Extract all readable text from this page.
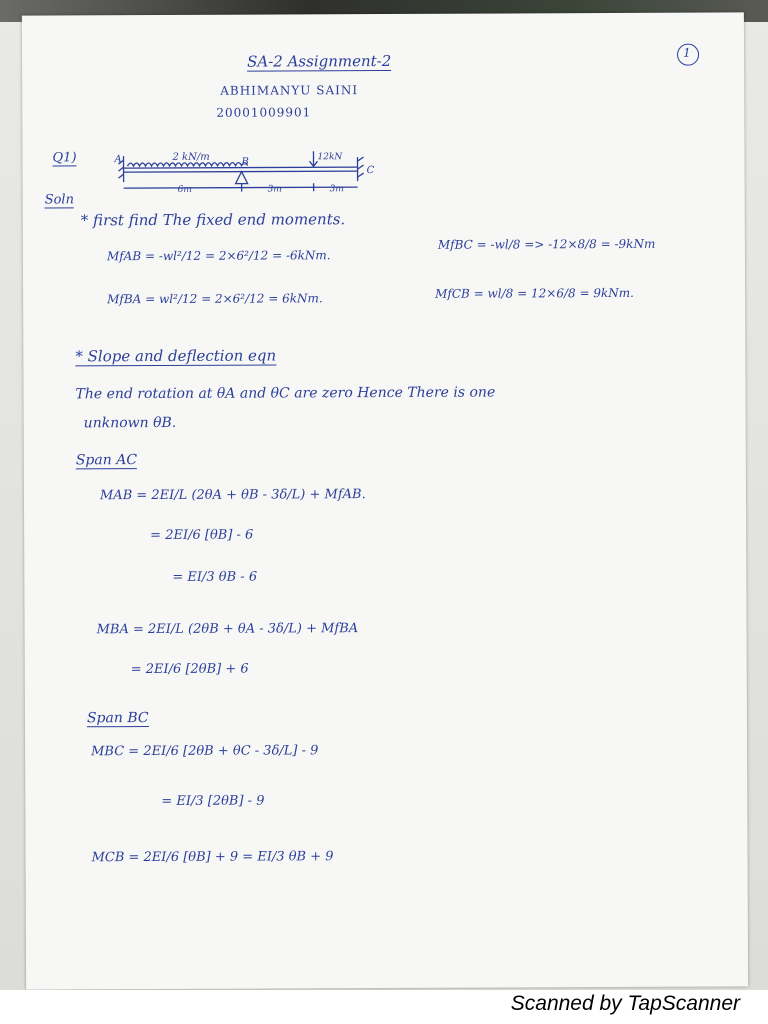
1
SA-2 Assignment-2
ABHIMANYU SAINI
20001009901
Q1)	2 kN/m
A	B
C
12kN
6m	3m	3m
Soln
* first find The fixed end moments.
MfAB = -wl²/12 = 2×6²/12 = -6kNm.
MfBA = wl²/12 = 2×6²/12 = 6kNm.
MfBC = -wl/8 => -12×8/8 = -9kNm
MfCB = wl/8 = 12×6/8 = 9kNm.
* Slope and deflection eqn
The end rotation at θA and θC are zero Hence There is one
unknown θB.
Span AC
MAB = 2EI/L (2θA + θB - 3δ/L) + MfAB.
= 2EI/6 [θB] - 6
= EI/3 θB - 6
MBA = 2EI/L (2θB + θA - 3δ/L) + MfBA
= 2EI/6 [2θB] + 6
Span BC
MBC = 2EI/6 [2θB + θC - 3δ/L] - 9
= EI/3 [2θB] - 9
MCB = 2EI/6 [θB] + 9 = EI/3 θB + 9
Scanned by TapScanner
